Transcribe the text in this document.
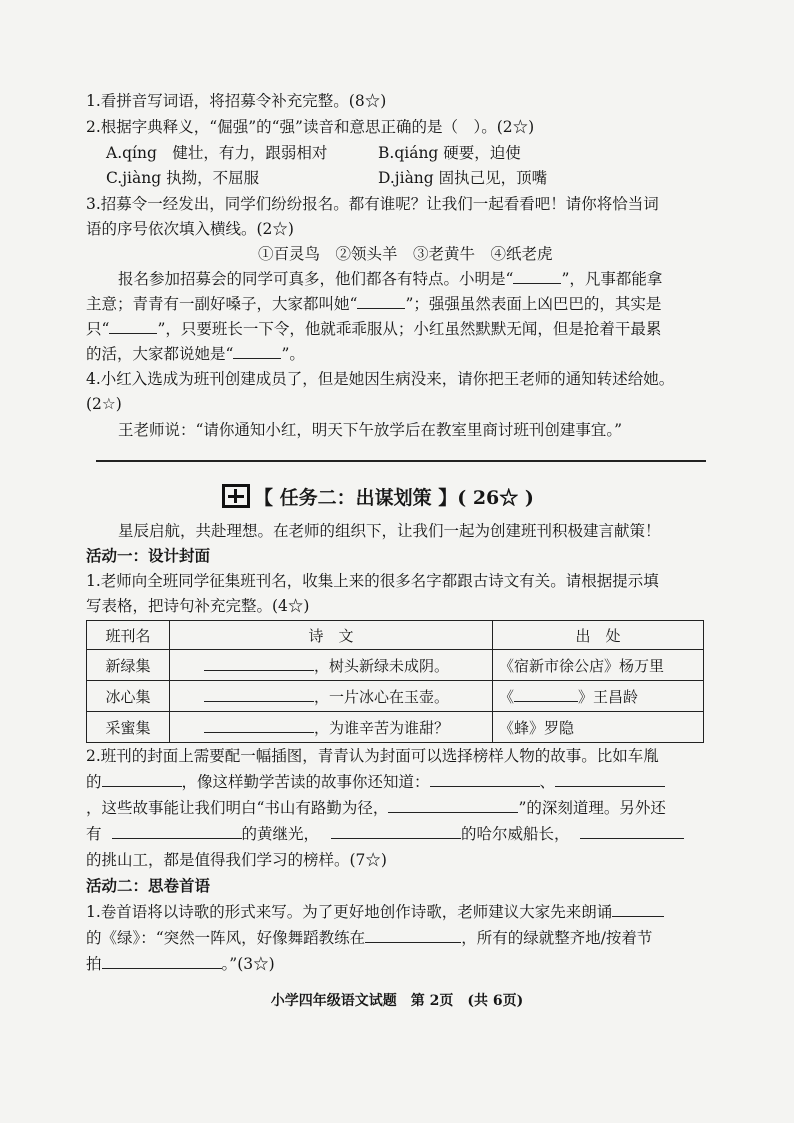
1.看拼音写词语，将招募令补充完整。(8☆)
2.根据字典释义，“倔强”的“强”读音和意思正确的是（　）。(2☆)
A.qíng　健壮，有力，跟弱相对	B.qiáng 硬要，迫使
C.jiàng 执拗，不屈服	D.jiàng 固执己见，顶嘴
3.招募令一经发出，同学们纷纷报名。都有谁呢？让我们一起看看吧！请你将恰当词
语的序号依次填入横线。(2☆)
①百灵鸟　②领头羊　③老黄牛　④纸老虎
报名参加招募会的同学可真多，他们都各有特点。小明是“	”，凡事都能拿
主意；青青有一副好嗓子，大家都叫她“	”；强强虽然表面上凶巴巴的，其实是
只“	”，只要班长一下令，他就乖乖服从；小红虽然默默无闻，但是抢着干最累
的活，大家都说她是“	”。
4.小红入选成为班刊创建成员了，但是她因生病没来，请你把王老师的通知转述给她。
(2☆)
王老师说：“请你通知小红，明天下午放学后在教室里商讨班刊创建事宜。”
【 任务二：出谋划策 】( 26☆ )
星辰启航，共赴理想。在老师的组织下，让我们一起为创建班刊积极建言献策！
活动一：设计封面
1.老师向全班同学征集班刊名，收集上来的很多名字都跟古诗文有关。请根据提示填
写表格，把诗句补充完整。(4☆)
班刊名	诗　文	出　处
新绿集	，树头新绿未成阴。	《宿新市徐公店》杨万里
冰心集	，一片冰心在玉壶。	《 》王昌龄
采蜜集	，为谁辛苦为谁甜？	《蜂》罗隐
2.班刊的封面上需要配一幅插图，青青认为封面可以选择榜样人物的故事。比如车胤
的	，像这样勤学苦读的故事你还知道：	、
，这些故事能让我们明白“书山有路勤为径，	”的深刻道理。另外还
有	的黄继光，	的哈尔威船长，
的挑山工，都是值得我们学习的榜样。(7☆)
活动二：思卷首语
1.卷首语将以诗歌的形式来写。为了更好地创作诗歌，老师建议大家先来朗诵
的《绿》：“突然一阵风，好像舞蹈教练在	，所有的绿就整齐地/按着节
拍	。”(3☆)
小学四年级语文试题　第 2页　(共 6页)
